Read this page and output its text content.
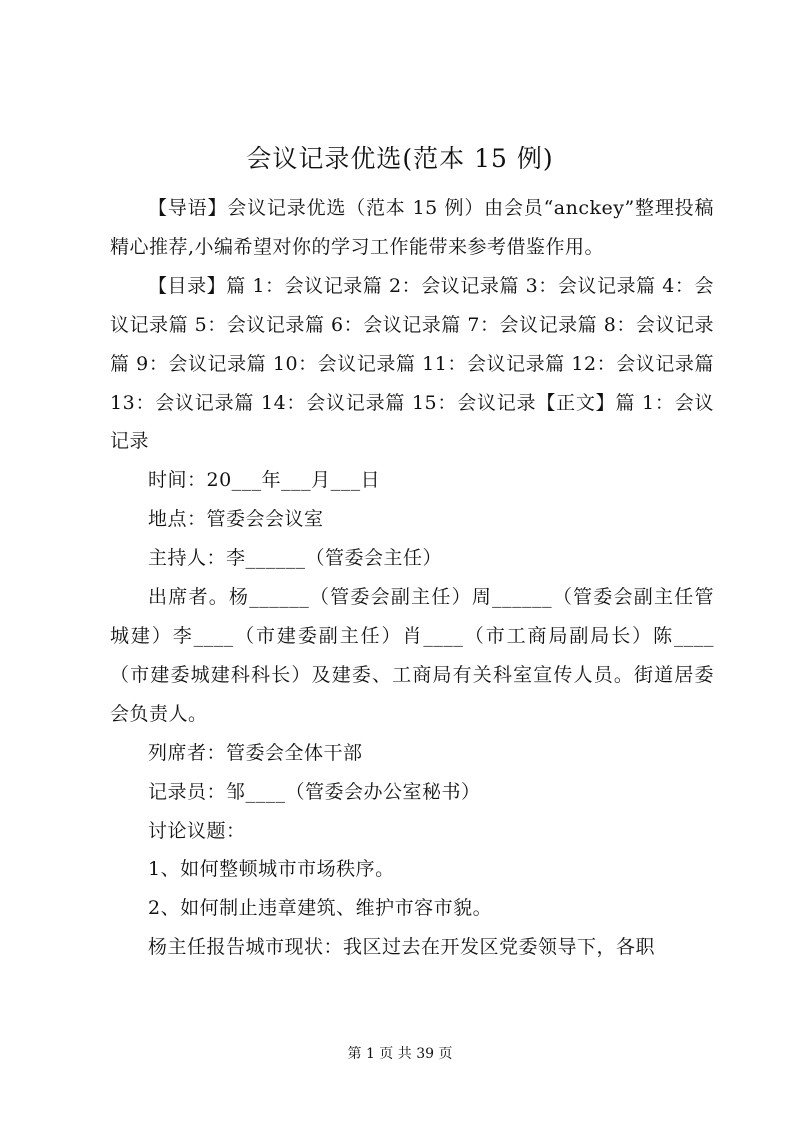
会议记录优选(范本 15 例)

【导语】会议记录优选（范本 15 例）由会员“anckey”整理投稿精心推荐,小编希望对你的学习工作能带来参考借鉴作用。

【目录】篇 1：会议记录篇 2：会议记录篇 3：会议记录篇 4：会议记录篇 5：会议记录篇 6：会议记录篇 7：会议记录篇 8：会议记录篇 9：会议记录篇 10：会议记录篇 11：会议记录篇 12：会议记录篇 13：会议记录篇 14：会议记录篇 15：会议记录【正文】篇 1：会议记录

时间：20___年___月___日

地点：管委会会议室

主持人：李______（管委会主任）

出席者。杨______（管委会副主任）周______（管委会副主任管城建）李____（市建委副主任）肖____（市工商局副局长）陈____（市建委城建科科长）及建委、工商局有关科室宣传人员。街道居委会负责人。

列席者：管委会全体干部

记录员：邹____（管委会办公室秘书）

讨论议题：

1、如何整顿城市市场秩序。

2、如何制止违章建筑、维护市容市貌。

杨主任报告城市现状：我区过去在开发区党委领导下，各职

第 1 页 共 39 页
